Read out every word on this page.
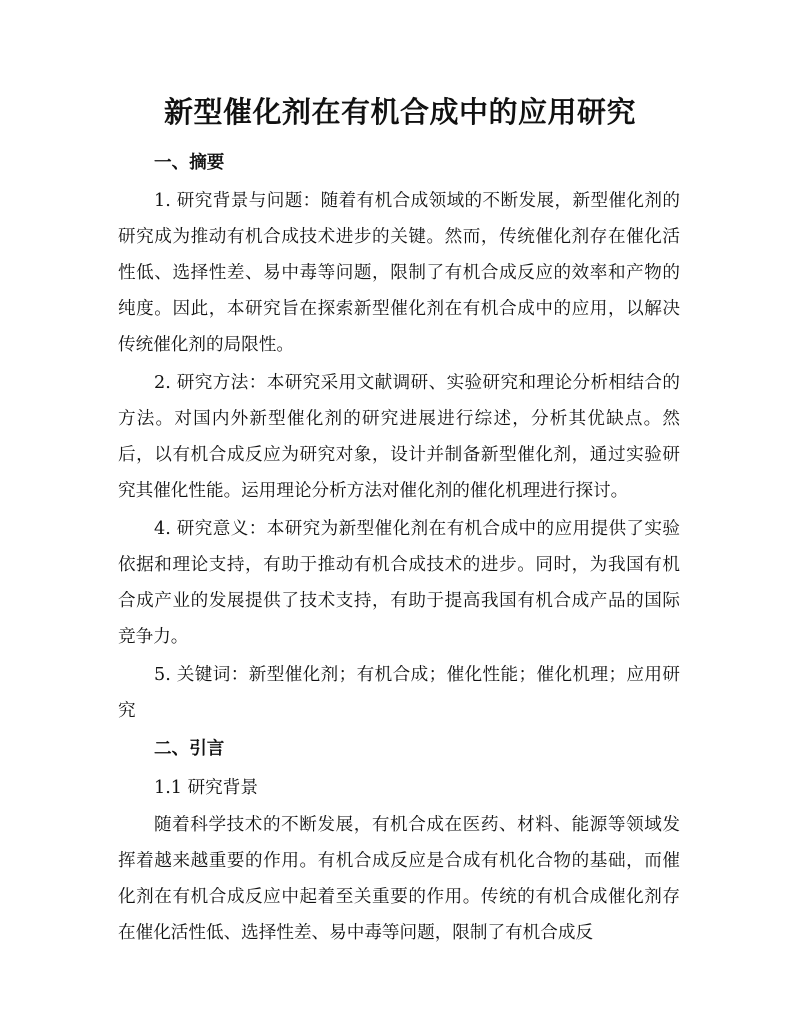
新型催化剂在有机合成中的应用研究

一、摘要

1. 研究背景与问题：随着有机合成领域的不断发展，新型催化剂的研究成为推动有机合成技术进步的关键。然而，传统催化剂存在催化活性低、选择性差、易中毒等问题，限制了有机合成反应的效率和产物的纯度。因此，本研究旨在探索新型催化剂在有机合成中的应用，以解决传统催化剂的局限性。

2. 研究方法：本研究采用文献调研、实验研究和理论分析相结合的方法。对国内外新型催化剂的研究进展进行综述，分析其优缺点。然后，以有机合成反应为研究对象，设计并制备新型催化剂，通过实验研究其催化性能。运用理论分析方法对催化剂的催化机理进行探讨。

4. 研究意义：本研究为新型催化剂在有机合成中的应用提供了实验依据和理论支持，有助于推动有机合成技术的进步。同时，为我国有机合成产业的发展提供了技术支持，有助于提高我国有机合成产品的国际竞争力。

5. 关键词：新型催化剂；有机合成；催化性能；催化机理；应用研究

二、引言

1.1 研究背景

随着科学技术的不断发展，有机合成在医药、材料、能源等领域发挥着越来越重要的作用。有机合成反应是合成有机化合物的基础，而催化剂在有机合成反应中起着至关重要的作用。传统的有机合成催化剂存在催化活性低、选择性差、易中毒等问题，限制了有机合成反
